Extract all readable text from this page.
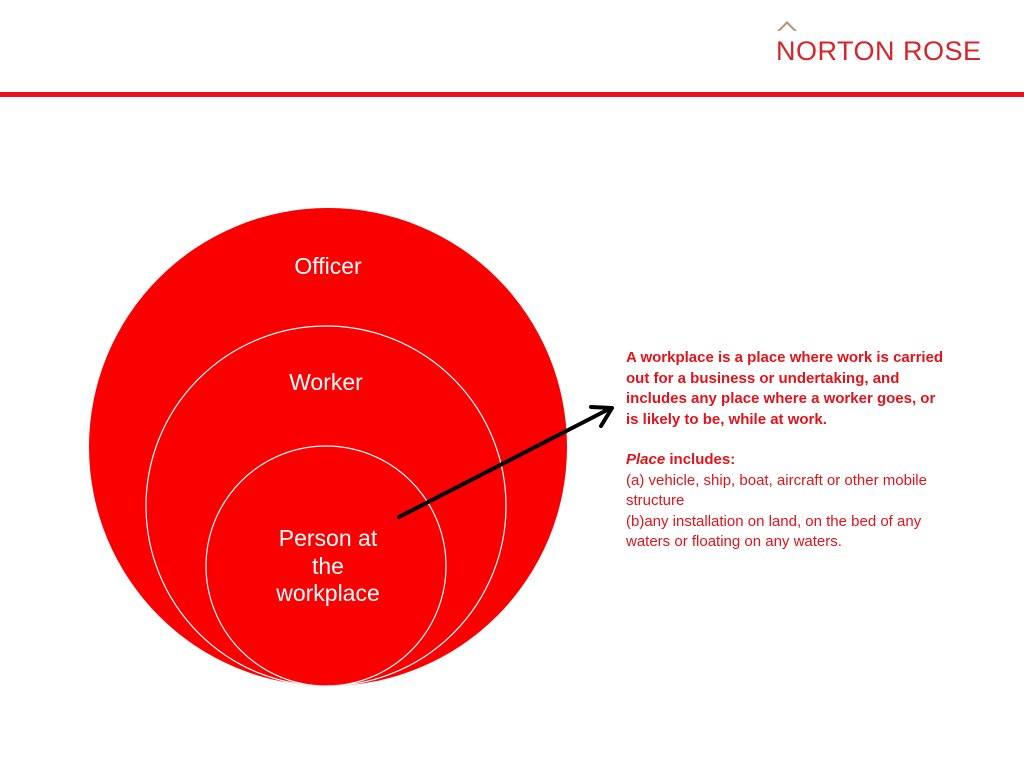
NORTON ROSE
Officer
Worker
Person at
the
workplace

A workplace is a place where work is carried out for a business or undertaking, and includes any place where a worker goes, or is likely to be, while at work.

Place includes:

(a) vehicle, ship, boat, aircraft or other mobile structure

(b)any installation on land, on the bed of any waters or floating on any waters.
